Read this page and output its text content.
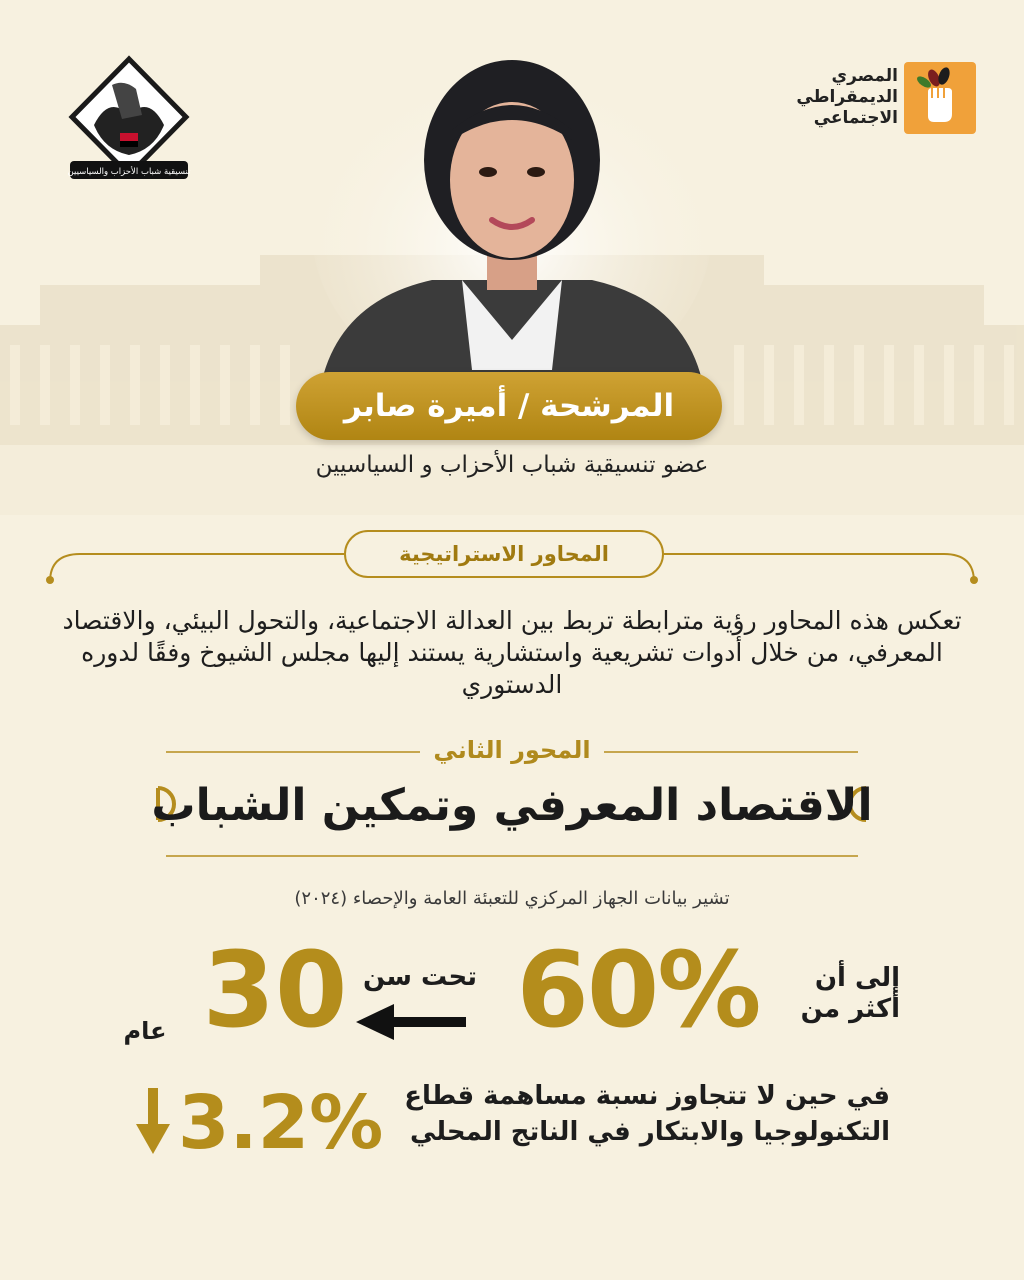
تنسيقية شباب الأحزاب والسياسيين
المصري
الديمقراطي
الاجتماعي
المرشحة / أميرة صابر
عضو تنسيقية شباب الأحزاب و السياسيين
المحاور الاستراتيجية
تعكس هذه المحاور رؤية مترابطة تربط بين العدالة الاجتماعية، والتحول البيئي، والاقتصاد المعرفي، من خلال أدوات تشريعية واستشارية يستند إليها مجلس الشيوخ وفقًا لدوره الدستوري
المحور الثاني
الاقتصاد المعرفي وتمكين الشباب
تشير بيانات الجهاز المركزي للتعبئة العامة والإحصاء (٢٠٢٤)
إلى أن أكثر من
60%
تحت سن
30
عام
في حين لا تتجاوز نسبة مساهمة قطاع التكنولوجيا والابتكار في الناتج المحلي
3.2%
